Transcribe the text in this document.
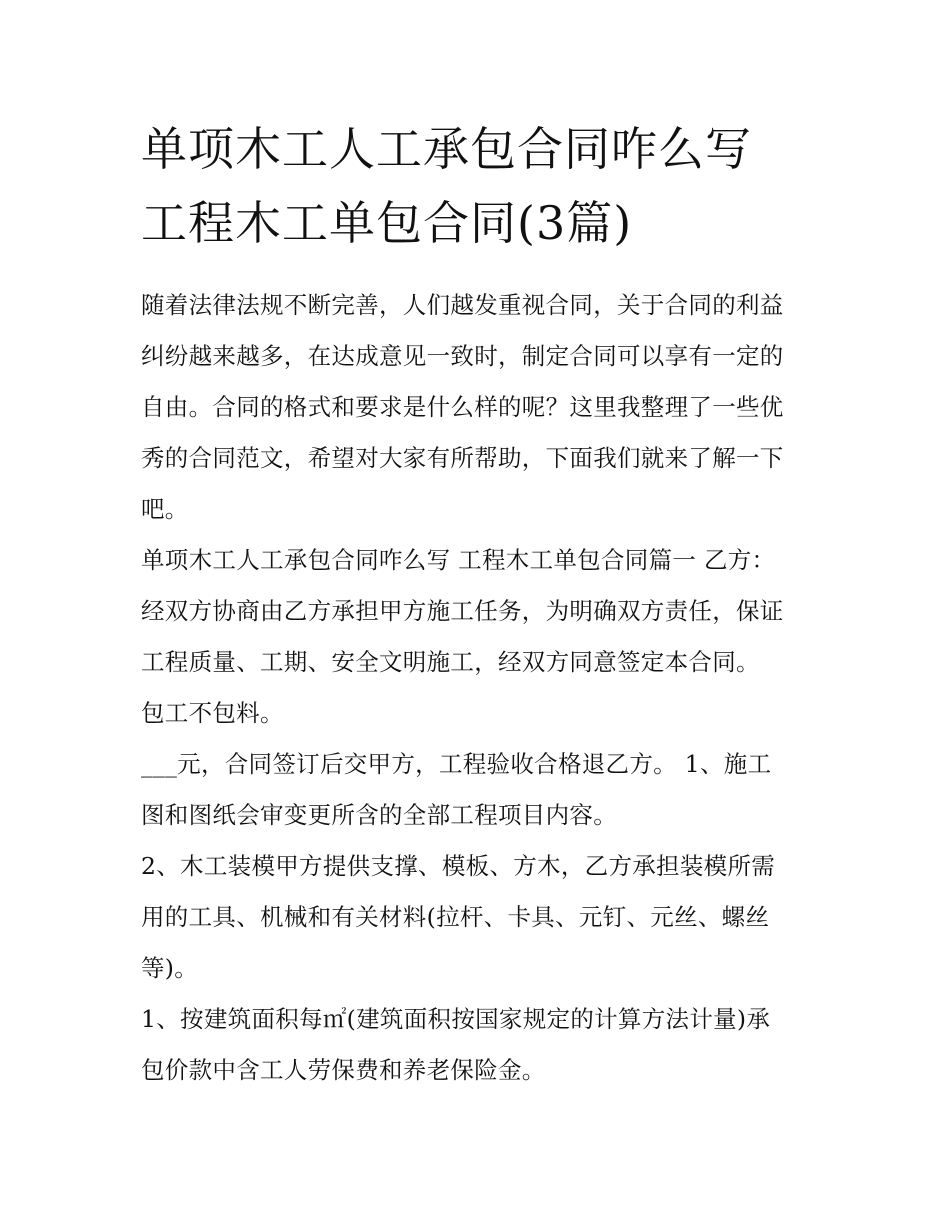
单项木工人工承包合同咋么写
工程木工单包合同(3篇)

随着法律法规不断完善，人们越发重视合同，关于合同的利益
纠纷越来越多，在达成意见一致时，制定合同可以享有一定的
自由。合同的格式和要求是什么样的呢？这里我整理了一些优
秀的合同范文，希望对大家有所帮助，下面我们就来了解一下
吧。

单项木工人工承包合同咋么写 工程木工单包合同篇一 乙方：
经双方协商由乙方承担甲方施工任务，为明确双方责任，保证
工程质量、工期、安全文明施工，经双方同意签定本合同。

包工不包料。

___元，合同签订后交甲方，工程验收合格退乙方。 1、施工
图和图纸会审变更所含的全部工程项目内容。

2、木工装模甲方提供支撑、模板、方木，乙方承担装模所需
用的工具、机械和有关材料(拉杆、卡具、元钉、元丝、螺丝
等)。

1、按建筑面积每㎡(建筑面积按国家规定的计算方法计量)承
包价款中含工人劳保费和养老保险金。
